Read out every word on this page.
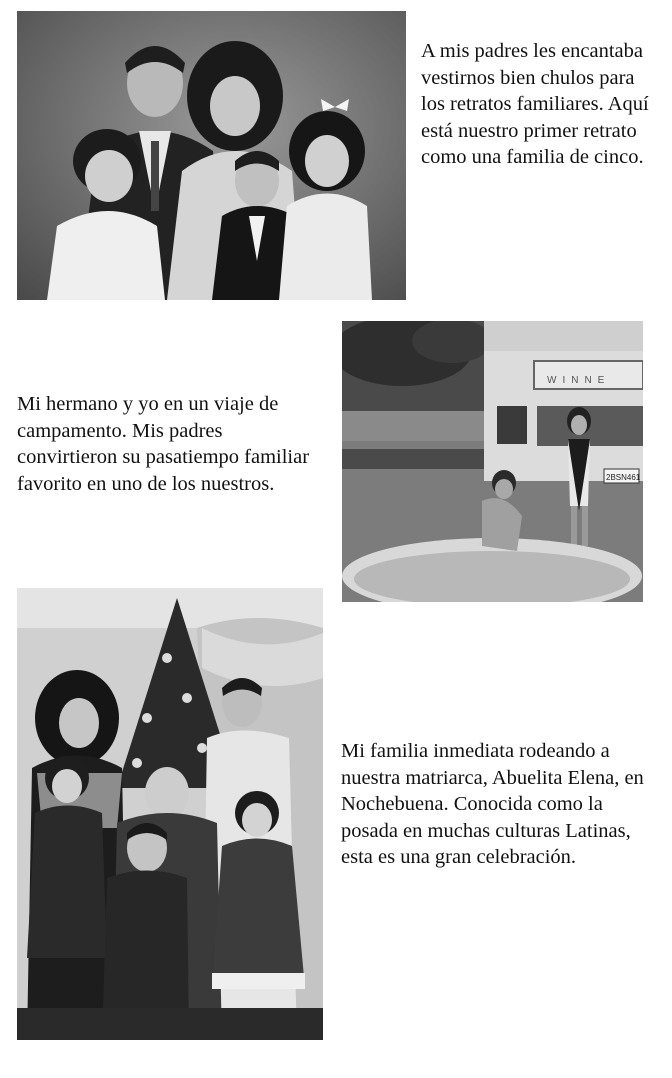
A mis padres les encantaba vestirnos bien chulos para los retratos familiares. Aquí está nuestro primer retrato como una familia de cinco.

WINNE
2BSN461

Mi hermano y yo en un viaje de campamento. Mis padres convirtieron su pasatiempo familiar favorito en uno de los nuestros.

Mi familia inmediata rodeando a nuestra matriarca, Abuelita Elena, en Nochebuena. Conocida como la posada en muchas culturas Latinas, esta es una gran celebración.
